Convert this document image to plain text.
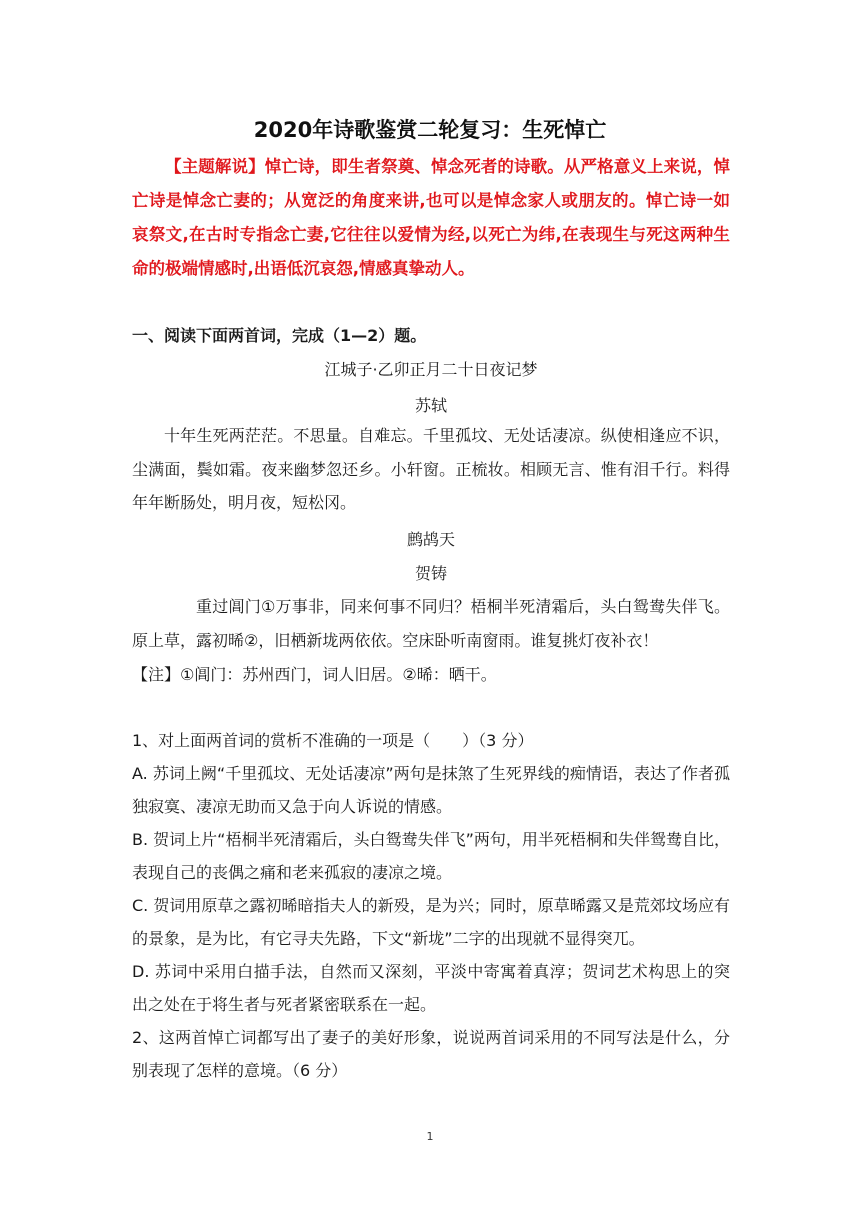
2020年诗歌鉴赏二轮复习：生死悼亡

【主题解说】悼亡诗，即生者祭奠、悼念死者的诗歌。从严格意义上来说，悼亡诗是悼念亡妻的；从宽泛的角度来讲,也可以是悼念家人或朋友的。悼亡诗一如哀祭文,在古时专指念亡妻,它往往以爱情为经,以死亡为纬,在表现生与死这两种生命的极端情感时,出语低沉哀怨,情感真挚动人。

一、阅读下面两首词，完成（1—2）题。
江城子·乙卯正月二十日夜记梦
苏轼

十年生死两茫茫。不思量。自难忘。千里孤坟、无处话凄凉。纵使相逢应不识，尘满面，鬓如霜。夜来幽梦忽还乡。小轩窗。正梳妆。相顾无言、惟有泪千行。料得年年断肠处，明月夜，短松冈。

鹧鸪天
贺铸

重过阊门①万事非，同来何事不同归？梧桐半死清霜后，头白鸳鸯失伴飞。原上草，露初晞②，旧栖新垅两依依。空床卧听南窗雨。谁复挑灯夜补衣！

【注】①阊门：苏州西门，词人旧居。②晞：晒干。

1、对上面两首词的赏析不准确的一项是（　　）（3 分）

A. 苏词上阙“千里孤坟、无处话凄凉”两句是抹煞了生死界线的痴情语，表达了作者孤独寂寞、凄凉无助而又急于向人诉说的情感。

B. 贺词上片“梧桐半死清霜后，头白鸳鸯失伴飞”两句，用半死梧桐和失伴鸳鸯自比，表现自己的丧偶之痛和老来孤寂的凄凉之境。

C. 贺词用原草之露初晞暗指夫人的新殁，是为兴；同时，原草晞露又是荒郊坟场应有的景象，是为比，有它寻夫先路，下文“新垅”二字的出现就不显得突兀。

D. 苏词中采用白描手法，自然而又深刻，平淡中寄寓着真淳；贺词艺术构思上的突出之处在于将生者与死者紧密联系在一起。

2、这两首悼亡词都写出了妻子的美好形象，说说两首词采用的不同写法是什么，分别表现了怎样的意境。（6 分）

1
